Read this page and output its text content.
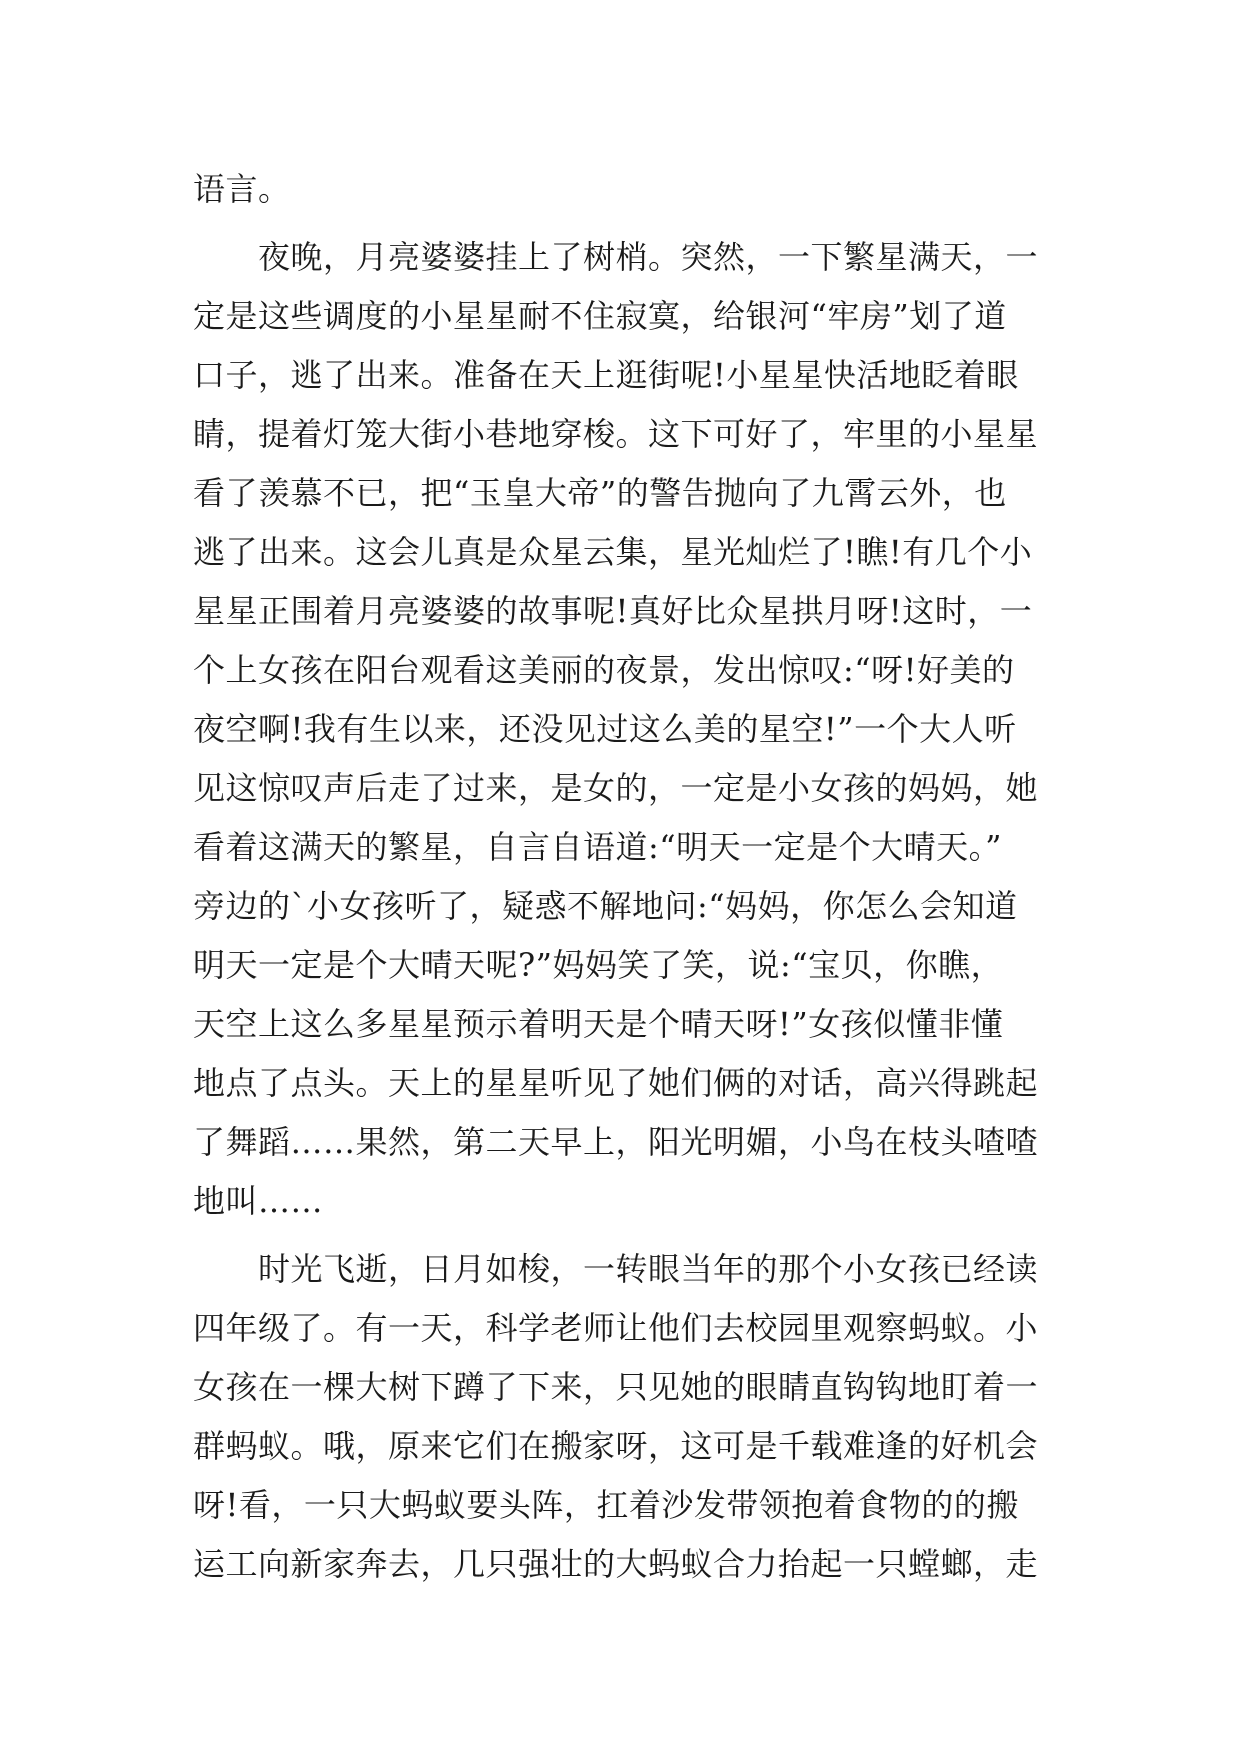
语言。
　　夜晚，月亮婆婆挂上了树梢。突然，一下繁星满天，一
定是这些调度的小星星耐不住寂寞，给银河“牢房”划了道
口子，逃了出来。准备在天上逛街呢!小星星快活地眨着眼
睛，提着灯笼大街小巷地穿梭。这下可好了，牢里的小星星
看了羡慕不已，把“玉皇大帝”的警告抛向了九霄云外，也
逃了出来。这会儿真是众星云集，星光灿烂了!瞧!有几个小
星星正围着月亮婆婆的故事呢!真好比众星拱月呀!这时，一
个上女孩在阳台观看这美丽的夜景，发出惊叹:“呀!好美的
夜空啊!我有生以来，还没见过这么美的星空!”一个大人听
见这惊叹声后走了过来，是女的，一定是小女孩的妈妈，她
看着这满天的繁星，自言自语道:“明天一定是个大晴天。”
旁边的`小女孩听了，疑惑不解地问:“妈妈，你怎么会知道
明天一定是个大晴天呢?”妈妈笑了笑，说:“宝贝，你瞧，
天空上这么多星星预示着明天是个晴天呀!”女孩似懂非懂
地点了点头。天上的星星听见了她们俩的对话，高兴得跳起
了舞蹈……果然，第二天早上，阳光明媚，小鸟在枝头喳喳
地叫……
　　时光飞逝，日月如梭，一转眼当年的那个小女孩已经读
四年级了。有一天，科学老师让他们去校园里观察蚂蚁。小
女孩在一棵大树下蹲了下来，只见她的眼睛直钩钩地盯着一
群蚂蚁。哦，原来它们在搬家呀，这可是千载难逢的好机会
呀!看，一只大蚂蚁要头阵，扛着沙发带领抱着食物的的搬
运工向新家奔去，几只强壮的大蚂蚁合力抬起一只螳螂，走
